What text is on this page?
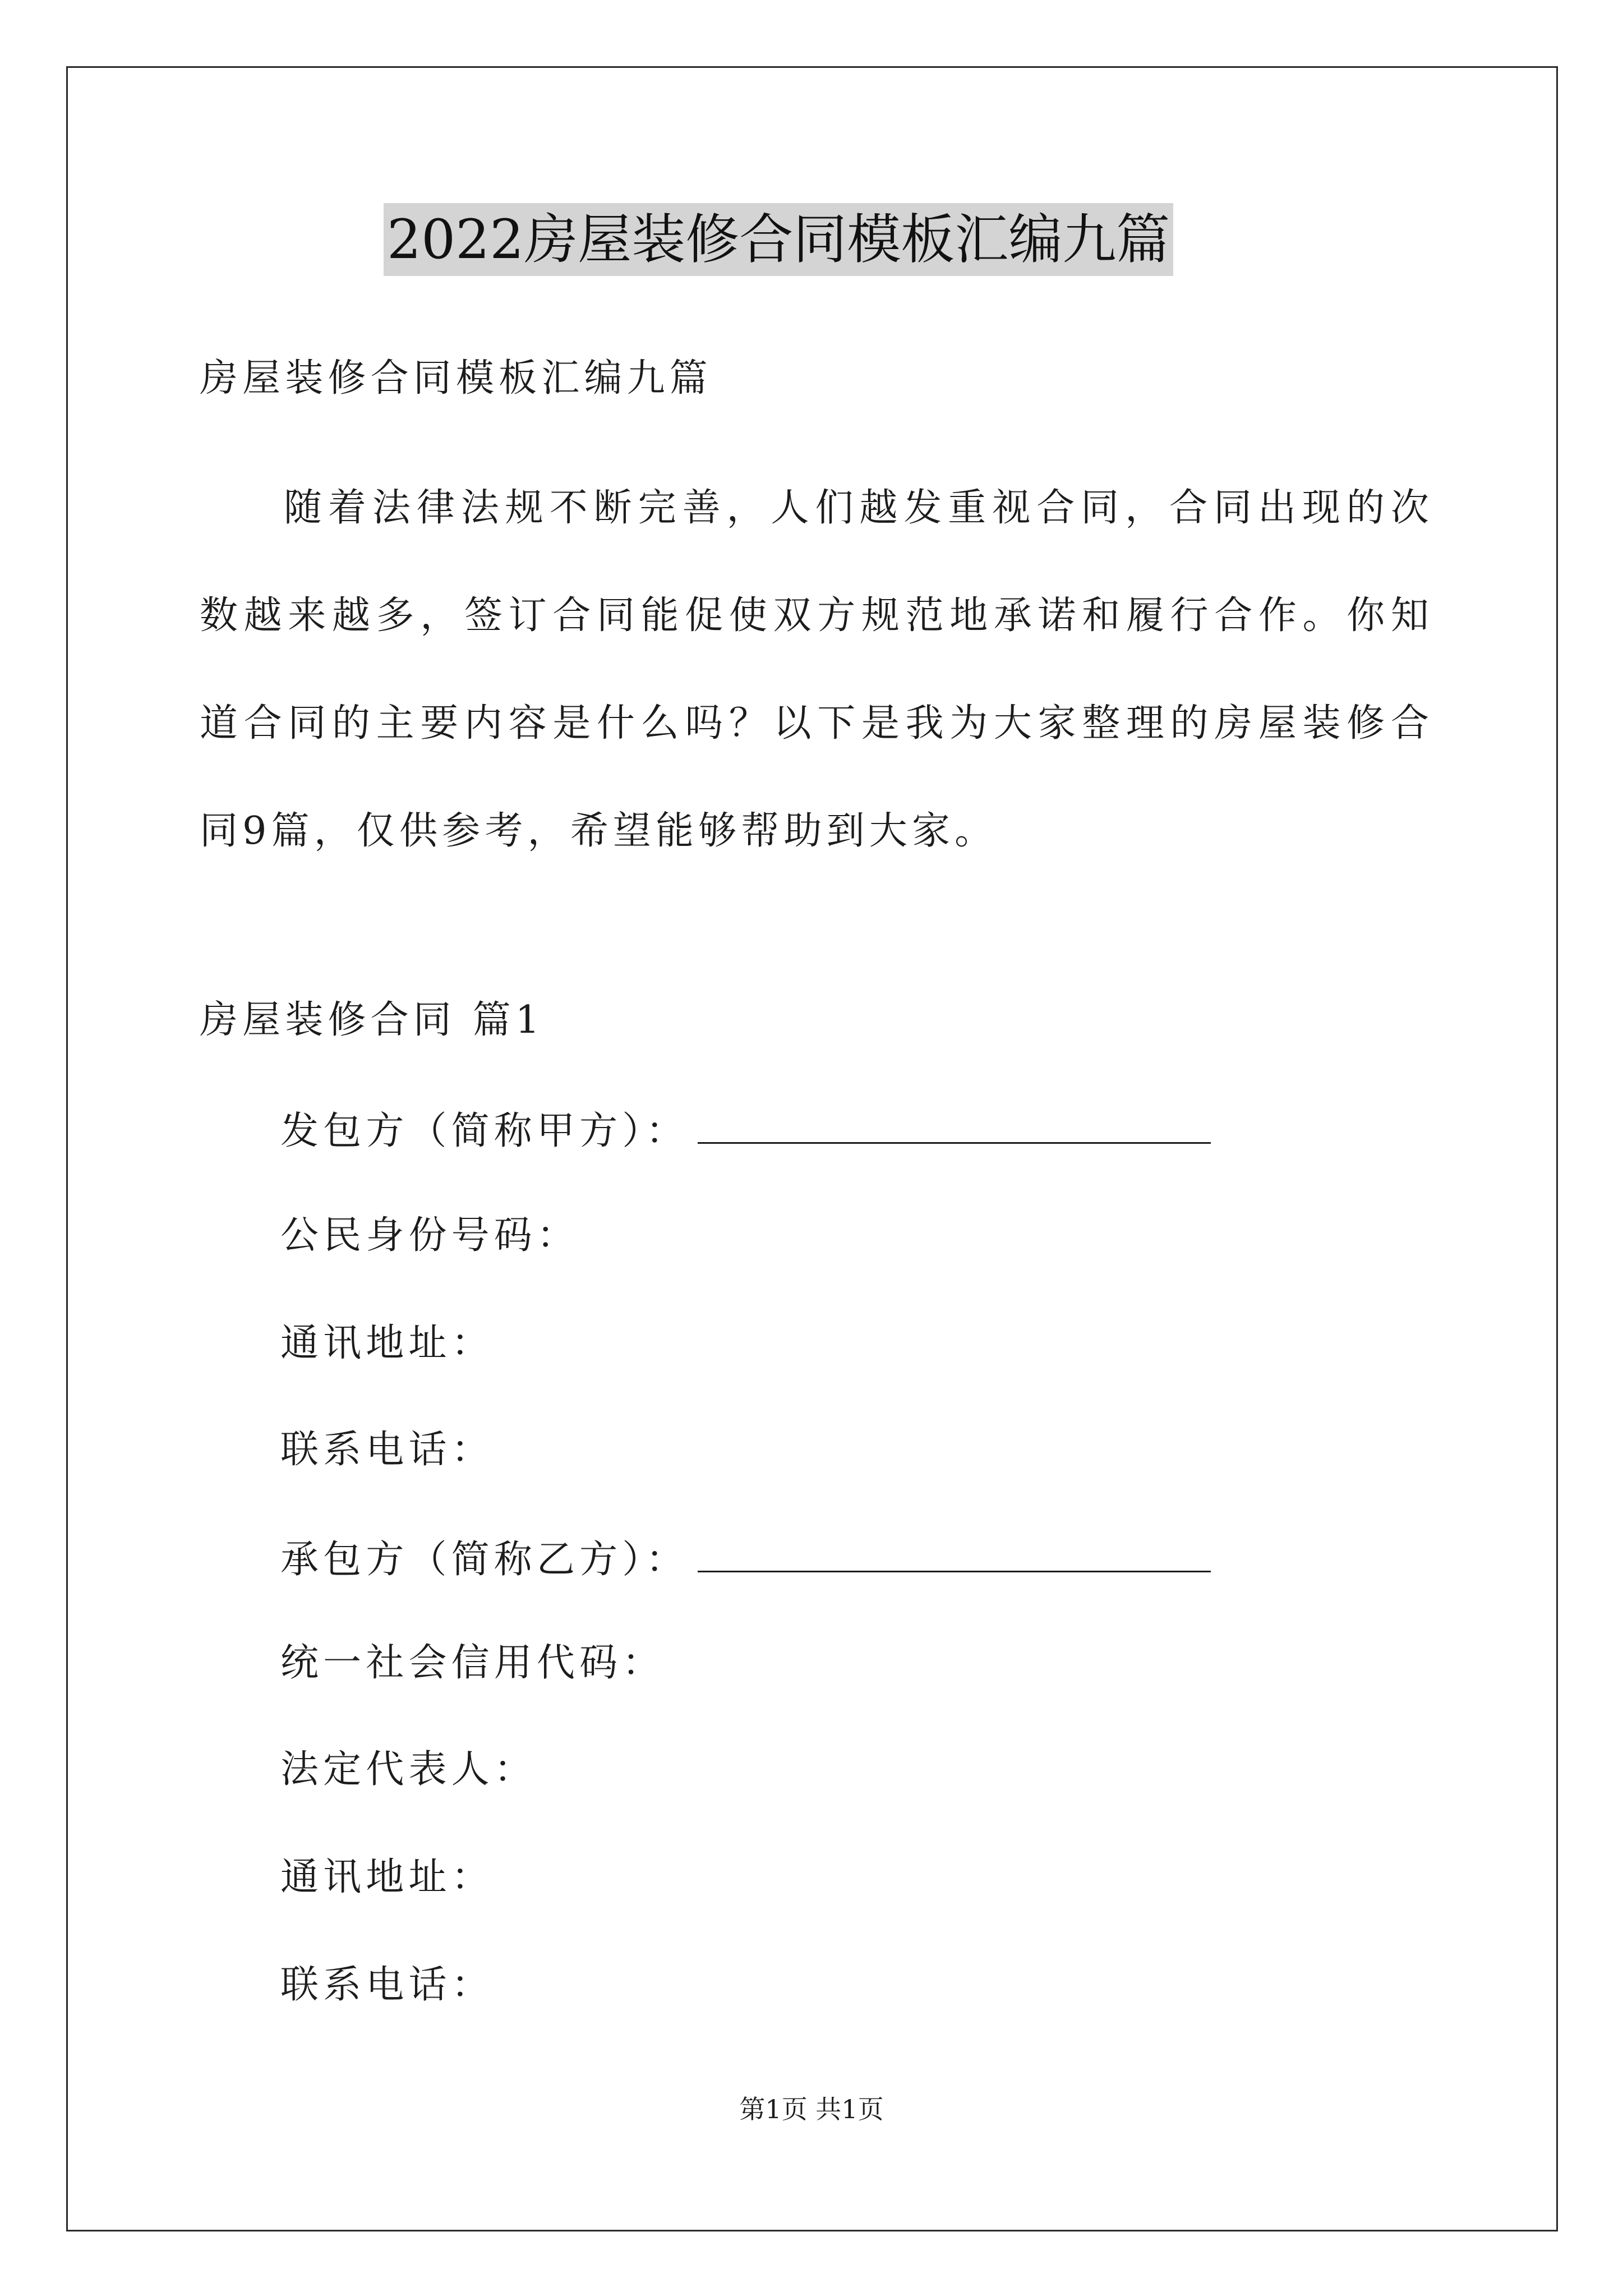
2022房屋装修合同模板汇编九篇
房屋装修合同模板汇编九篇
随着法律法规不断完善，人们越发重视合同，合同出现的次数越来越多，签订合同能促使双方规范地承诺和履行合作。你知道合同的主要内容是什么吗？以下是我为大家整理的房屋装修合同9篇，仅供参考，希望能够帮助到大家。
房屋装修合同 篇1
发包方（简称甲方）：
公民身份号码：
通讯地址：
联系电话：
承包方（简称乙方）：
统一社会信用代码：
法定代表人：
通讯地址：
联系电话：
第1页 共1页
